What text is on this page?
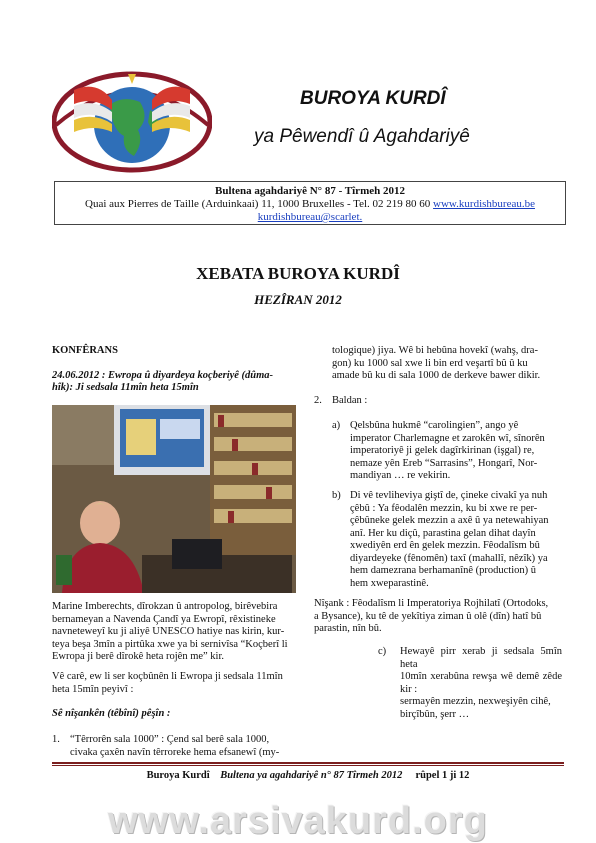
BUROYA KURDÎ
ya Pêwendî û Agahdariyê
Bultena agahdariyê N° 87 - Tîrmeh 2012
Quai aux Pierres de Taille (Arduinkaai) 11, 1000 Bruxelles - Tel. 02 219 80 60 www.kurdishbureau.be
kurdishbureau@scarlet.
XEBATA BUROYA KURDÎ
HEZÎRAN 2012
KONFÊRANS
24.06.2012 : Ewropa û diyardeya koçberiyê (dûma-
hîk): Ji sedsala 11mîn heta 15mîn
Marine Imberechts, dîrokzan û antropolog, birêvebira
bernameyan a Navenda Çandî ya Ewropî, rêxistineke
navneteweyî ku ji aliyê UNESCO hatiye nas kirin, kur-
teya beşa 3mîn a pirtûka xwe ya bi sernivîsa “Koçberî li
Ewropa ji berê dîrokê heta rojên me” kir.
Vê carê, ew li ser koçbûnên li Ewropa ji sedsala 11mîn
heta 15mîn peyivî :
Sê nîşankên (têbînî) pêşîn :
1. “Têrrorên sala 1000” : Çend sal berê sala 1000,
civaka çaxên navîn têrroreke hema efsanewî (my-
tologique) jiya. Wê bi hebûna hovekî (wahş, dra-
gon) ku 1000 sal xwe li bin erd veşartî bû û ku
amade bû ku di sala 1000 de derkeve bawer dikir.
2. Baldan :
a) Qelsbûna hukmê “carolingien”, ango yê
imperator Charlemagne et zarokên wî, sînorên
imperatoriyê ji gelek dagîrkirinan (işgal) re,
nemaze yên Ereb “Sarrasins”, Hongarî, Nor-
mandiyan … re vekirin.
b) Di vê tevliheviya giştî de, çineke civakî ya nuh
çêbû : Ya fêodalên mezzin, ku bi xwe re per-
çêbûneke gelek mezzin a axê û ya netewahiyan
anî. Her ku diçû, parastina gelan dihat dayîn
xwediyên erd ên gelek mezzin. Fêodalîsm bû
diyardeyeke (fênomên) taxî (mahallî, nêzîk) ya
hem damezrana berhamanînê (production) û
hem xweparastinê.
Nîşank : Fêodalîsm li Imperatoriya Rojhilatî (Ortodoks,
a Bysance), ku tê de yekîtiya ziman û olê (dîn) hatî bû
parastin, nîn bû.
c) Hewayê pirr xerab ji sedsala 5mîn heta
10mîn xerabûna rewşa wê demê zêde kir :
sermayên mezzin, nexweşiyên cihê,
birçîbûn, şerr …
Buroya Kurdî Bultena ya agahdariyê n° 87 Tîrmeh 2012 rûpel 1 ji 12
www.arsivakurd.org
